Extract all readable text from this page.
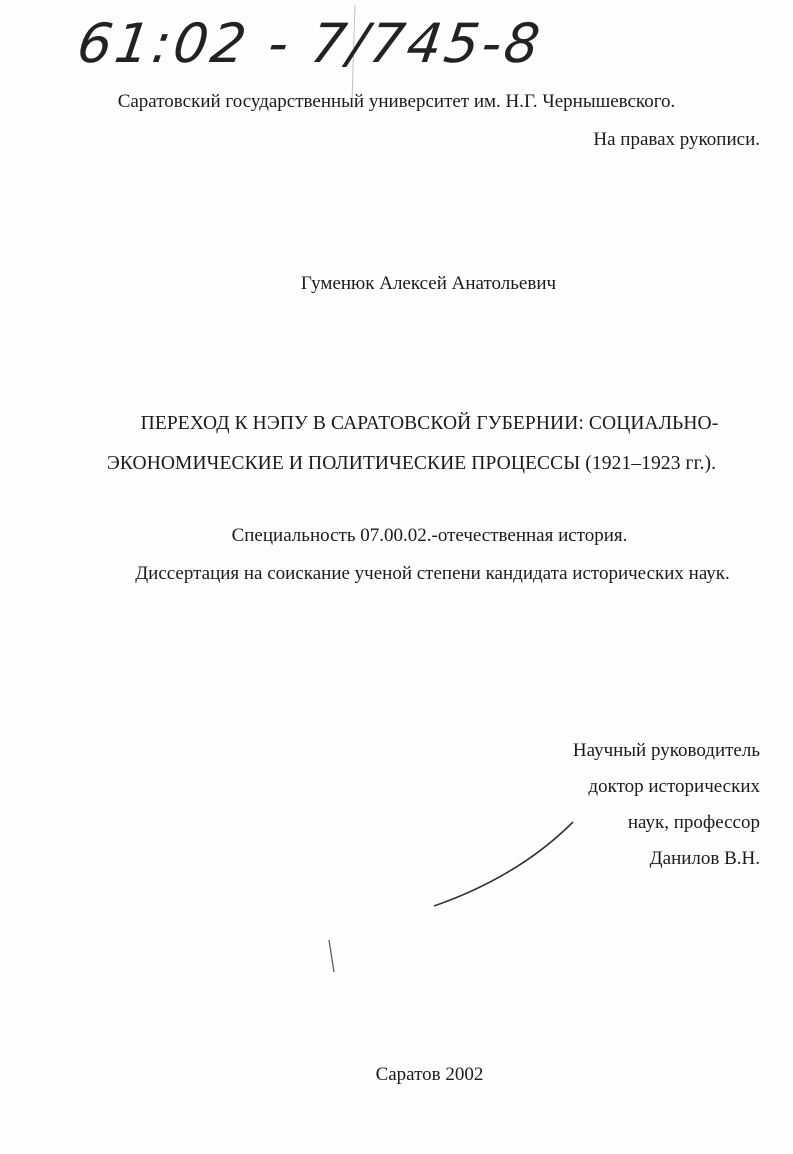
61:02 - 7/745-8
Саратовский государственный университет им. Н.Г. Чернышевского.
На правах рукописи.
Гуменюк Алексей Анатольевич
ПЕРЕХОД К НЭПУ В САРАТОВСКОЙ ГУБЕРНИИ: СОЦИАЛЬНО-
ЭКОНОМИЧЕСКИЕ И ПОЛИТИЧЕСКИЕ ПРОЦЕССЫ (1921–1923 гг.).
Специальность 07.00.02.-отечественная история.
Диссертация на соискание ученой степени кандидата исторических наук.
Научный руководитель
доктор исторических
наук, профессор
Данилов В.Н.
Саратов 2002
